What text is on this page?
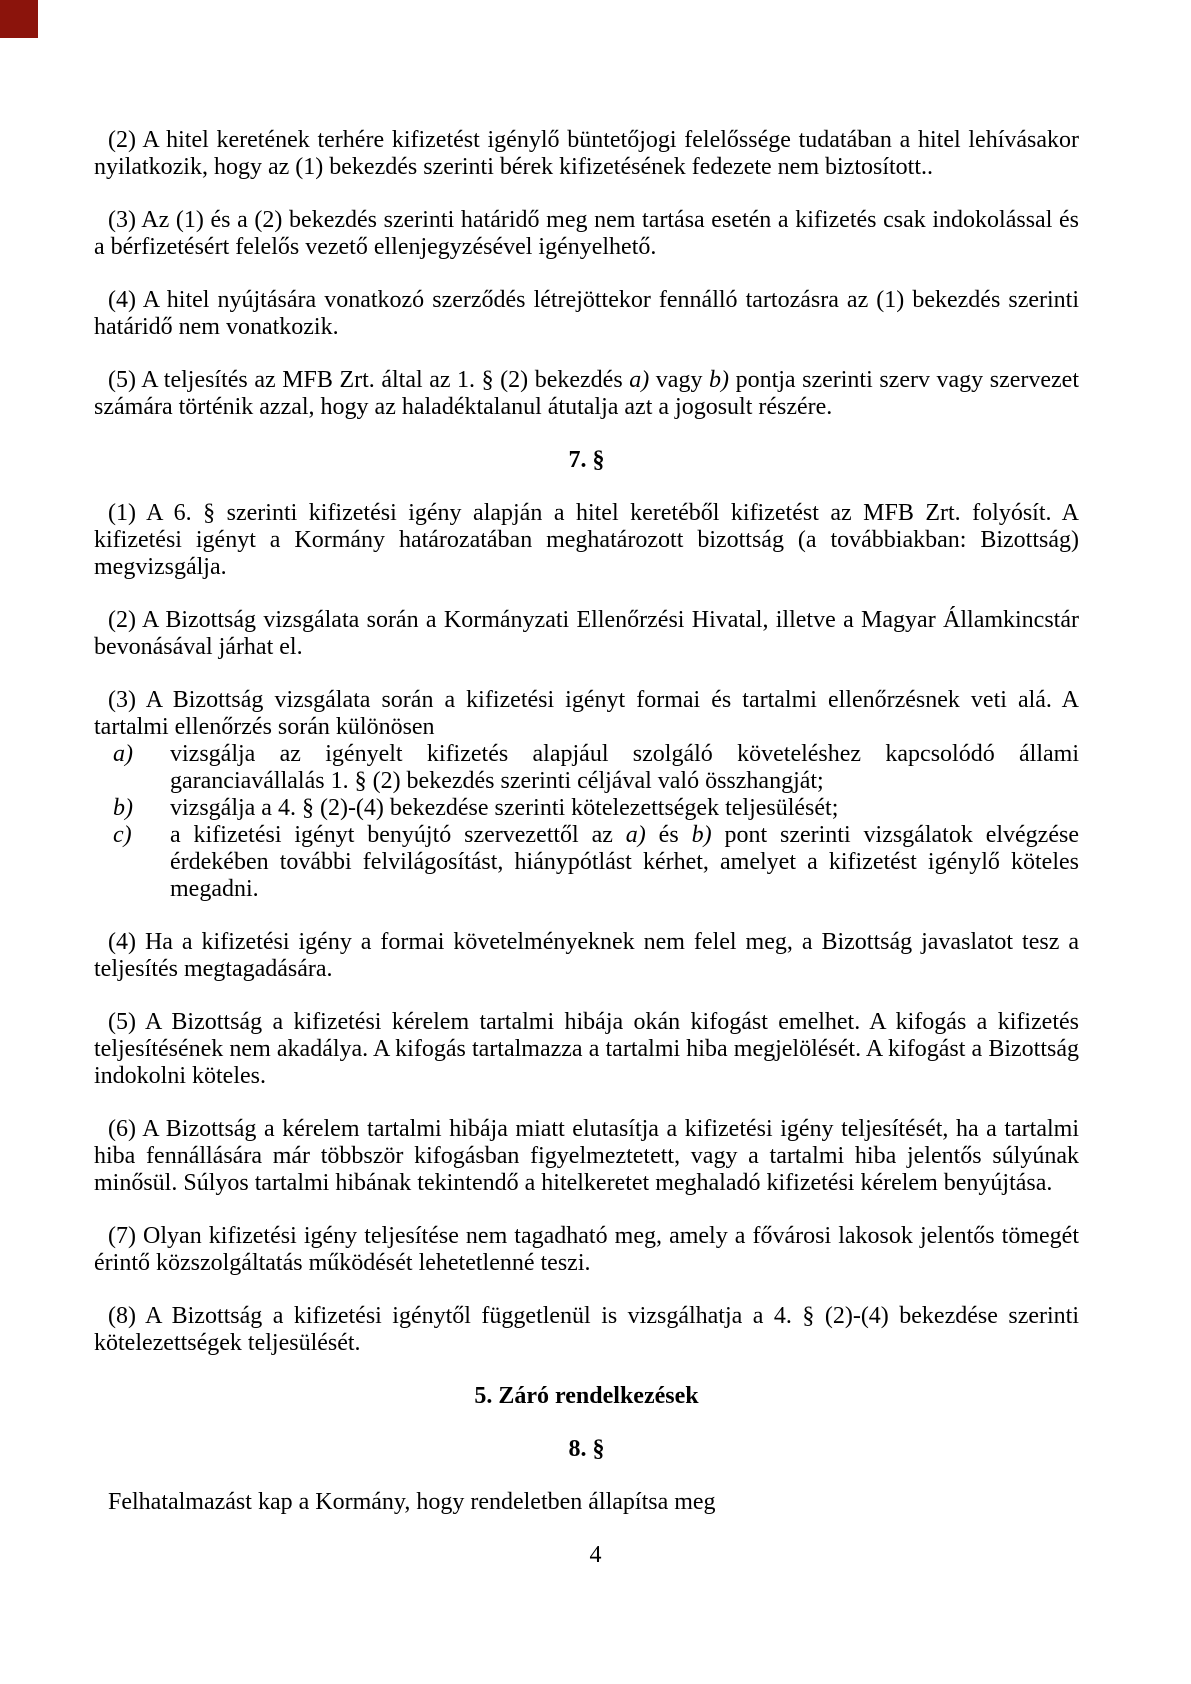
(2) A hitel keretének terhére kifizetést igénylő büntetőjogi felelőssége tudatában a hitel lehívásakor nyilatkozik, hogy az (1) bekezdés szerinti bérek kifizetésének fedezete nem biztosított..
(3) Az (1) és a (2) bekezdés szerinti határidő meg nem tartása esetén a kifizetés csak indokolással és a bérfizetésért felelős vezető ellenjegyzésével igényelhető.
(4) A hitel nyújtására vonatkozó szerződés létrejöttekor fennálló tartozásra az (1) bekezdés szerinti határidő nem vonatkozik.
(5) A teljesítés az MFB Zrt. által az 1. § (2) bekezdés a) vagy b) pontja szerinti szerv vagy szervezet számára történik azzal, hogy az haladéktalanul átutalja azt a jogosult részére.
7. §
(1) A 6. § szerinti kifizetési igény alapján a hitel keretéből kifizetést az MFB Zrt. folyósít. A kifizetési igényt a Kormány határozatában meghatározott bizottság (a továbbiakban: Bizottság) megvizsgálja.
(2) A Bizottság vizsgálata során a Kormányzati Ellenőrzési Hivatal, illetve a Magyar Államkincstár bevonásával járhat el.
(3) A Bizottság vizsgálata során a kifizetési igényt formai és tartalmi ellenőrzésnek veti alá. A tartalmi ellenőrzés során különösen
a)	vizsgálja az igényelt kifizetés alapjául szolgáló követeléshez kapcsolódó állami garanciavállalás 1. § (2) bekezdés szerinti céljával való összhangját;
b)	vizsgálja a 4. § (2)-(4) bekezdése szerinti kötelezettségek teljesülését;
c)	a kifizetési igényt benyújtó szervezettől az a) és b) pont szerinti vizsgálatok elvégzése érdekében további felvilágosítást, hiánypótlást kérhet, amelyet a kifizetést igénylő köteles megadni.
(4) Ha a kifizetési igény a formai követelményeknek nem felel meg, a Bizottság javaslatot tesz a teljesítés megtagadására.
(5) A Bizottság a kifizetési kérelem tartalmi hibája okán kifogást emelhet. A kifogás a kifizetés teljesítésének nem akadálya. A kifogás tartalmazza a tartalmi hiba megjelölését. A kifogást a Bizottság indokolni köteles.
(6) A Bizottság a kérelem tartalmi hibája miatt elutasítja a kifizetési igény teljesítését, ha a tartalmi hiba fennállására már többször kifogásban figyelmeztetett, vagy a tartalmi hiba jelentős súlyúnak minősül. Súlyos tartalmi hibának tekintendő a hitelkeretet meghaladó kifizetési kérelem benyújtása.
(7) Olyan kifizetési igény teljesítése nem tagadható meg, amely a fővárosi lakosok jelentős tömegét érintő közszolgáltatás működését lehetetlenné teszi.
(8) A Bizottság a kifizetési igénytől függetlenül is vizsgálhatja a 4. § (2)-(4) bekezdése szerinti kötelezettségek teljesülését.
5. Záró rendelkezések
8. §
Felhatalmazást kap a Kormány, hogy rendeletben állapítsa meg
4
